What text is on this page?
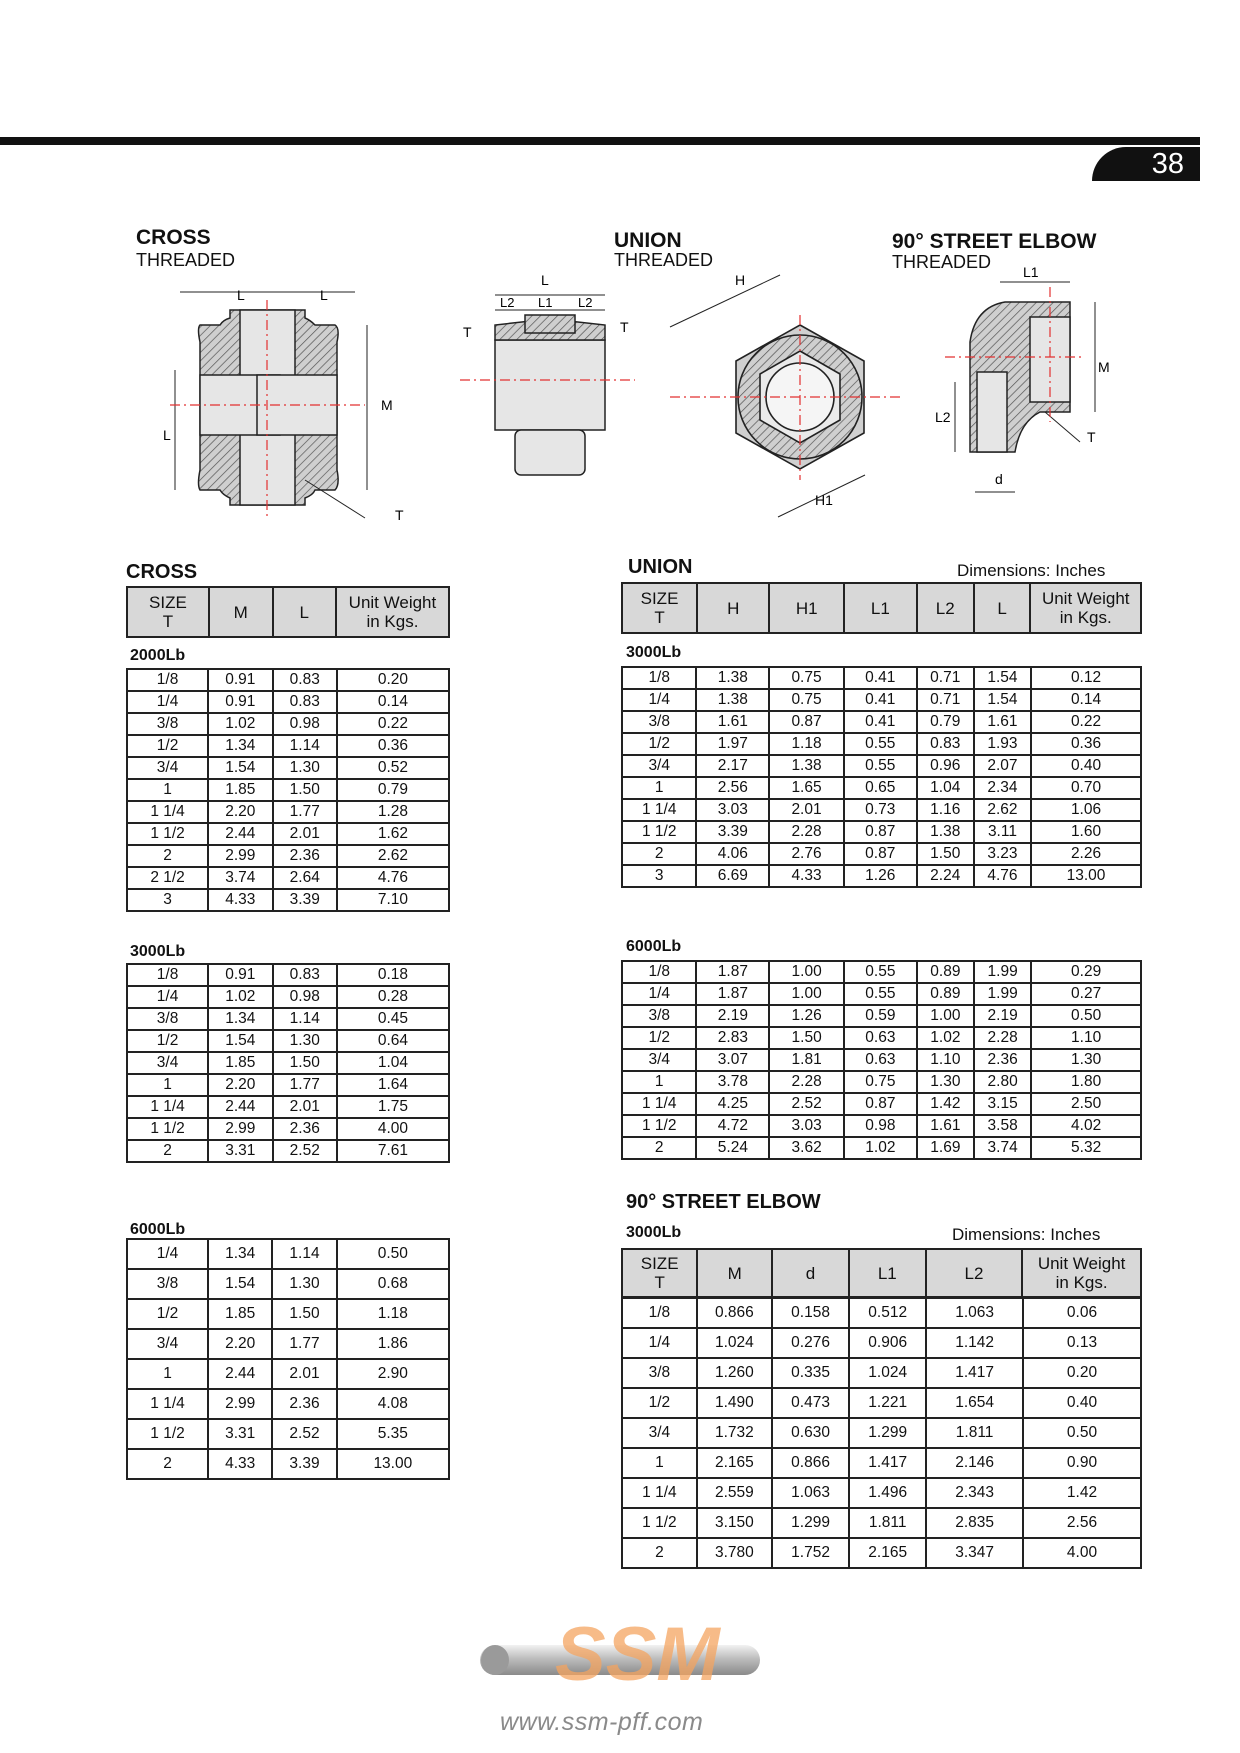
38
CROSS
THREADED
UNION
THREADED
90° STREET ELBOW
THREADED
L	L
M
L
T
L
L2 L1 L2
T	T
H
H1
L1
M
L2
T
d
CROSS
SIZE
T	M	L	Unit Weight
in Kgs.
2000Lb
1/8	0.91	0.83	0.20
1/4	0.91	0.83	0.14
3/8	1.02	0.98	0.22
1/2	1.34	1.14	0.36
3/4	1.54	1.30	0.52
1	1.85	1.50	0.79
1 1/4	2.20	1.77	1.28
1 1/2	2.44	2.01	1.62
2	2.99	2.36	2.62
2 1/2	3.74	2.64	4.76
3	4.33	3.39	7.10
3000Lb
1/8	0.91	0.83	0.18
1/4	1.02	0.98	0.28
3/8	1.34	1.14	0.45
1/2	1.54	1.30	0.64
3/4	1.85	1.50	1.04
1	2.20	1.77	1.64
1 1/4	2.44	2.01	1.75
1 1/2	2.99	2.36	4.00
2	3.31	2.52	7.61
6000Lb
1/4	1.34	1.14	0.50
3/8	1.54	1.30	0.68
1/2	1.85	1.50	1.18
3/4	2.20	1.77	1.86
1	2.44	2.01	2.90
1 1/4	2.99	2.36	4.08
1 1/2	3.31	2.52	5.35
2	4.33	3.39	13.00
UNION	Dimensions: Inches
SIZE
T	H	H1	L1	L2	L	Unit Weight
in Kgs.
3000Lb
1/8	1.38	0.75	0.41	0.71	1.54	0.12
1/4	1.38	0.75	0.41	0.71	1.54	0.14
3/8	1.61	0.87	0.41	0.79	1.61	0.22
1/2	1.97	1.18	0.55	0.83	1.93	0.36
3/4	2.17	1.38	0.55	0.96	2.07	0.40
1	2.56	1.65	0.65	1.04	2.34	0.70
1 1/4	3.03	2.01	0.73	1.16	2.62	1.06
1 1/2	3.39	2.28	0.87	1.38	3.11	1.60
2	4.06	2.76	0.87	1.50	3.23	2.26
3	6.69	4.33	1.26	2.24	4.76	13.00
6000Lb
1/8	1.87	1.00	0.55	0.89	1.99	0.29
1/4	1.87	1.00	0.55	0.89	1.99	0.27
3/8	2.19	1.26	0.59	1.00	2.19	0.50
1/2	2.83	1.50	0.63	1.02	2.28	1.10
3/4	3.07	1.81	0.63	1.10	2.36	1.30
1	3.78	2.28	0.75	1.30	2.80	1.80
1 1/4	4.25	2.52	0.87	1.42	3.15	2.50
1 1/2	4.72	3.03	0.98	1.61	3.58	4.02
2	5.24	3.62	1.02	1.69	3.74	5.32
90° STREET ELBOW
3000Lb	Dimensions: Inches
SIZE
T	M	d	L1	L2	Unit Weight
in Kgs.
1/8	0.866	0.158	0.512	1.063	0.06
1/4	1.024	0.276	0.906	1.142	0.13
3/8	1.260	0.335	1.024	1.417	0.20
1/2	1.490	0.473	1.221	1.654	0.40
3/4	1.732	0.630	1.299	1.811	0.50
1	2.165	0.866	1.417	2.146	0.90
1 1/4	2.559	1.063	1.496	2.343	1.42
1 1/2	3.150	1.299	1.811	2.835	2.56
2	3.780	1.752	2.165	3.347	4.00
SSM
www.ssm-pff.com
